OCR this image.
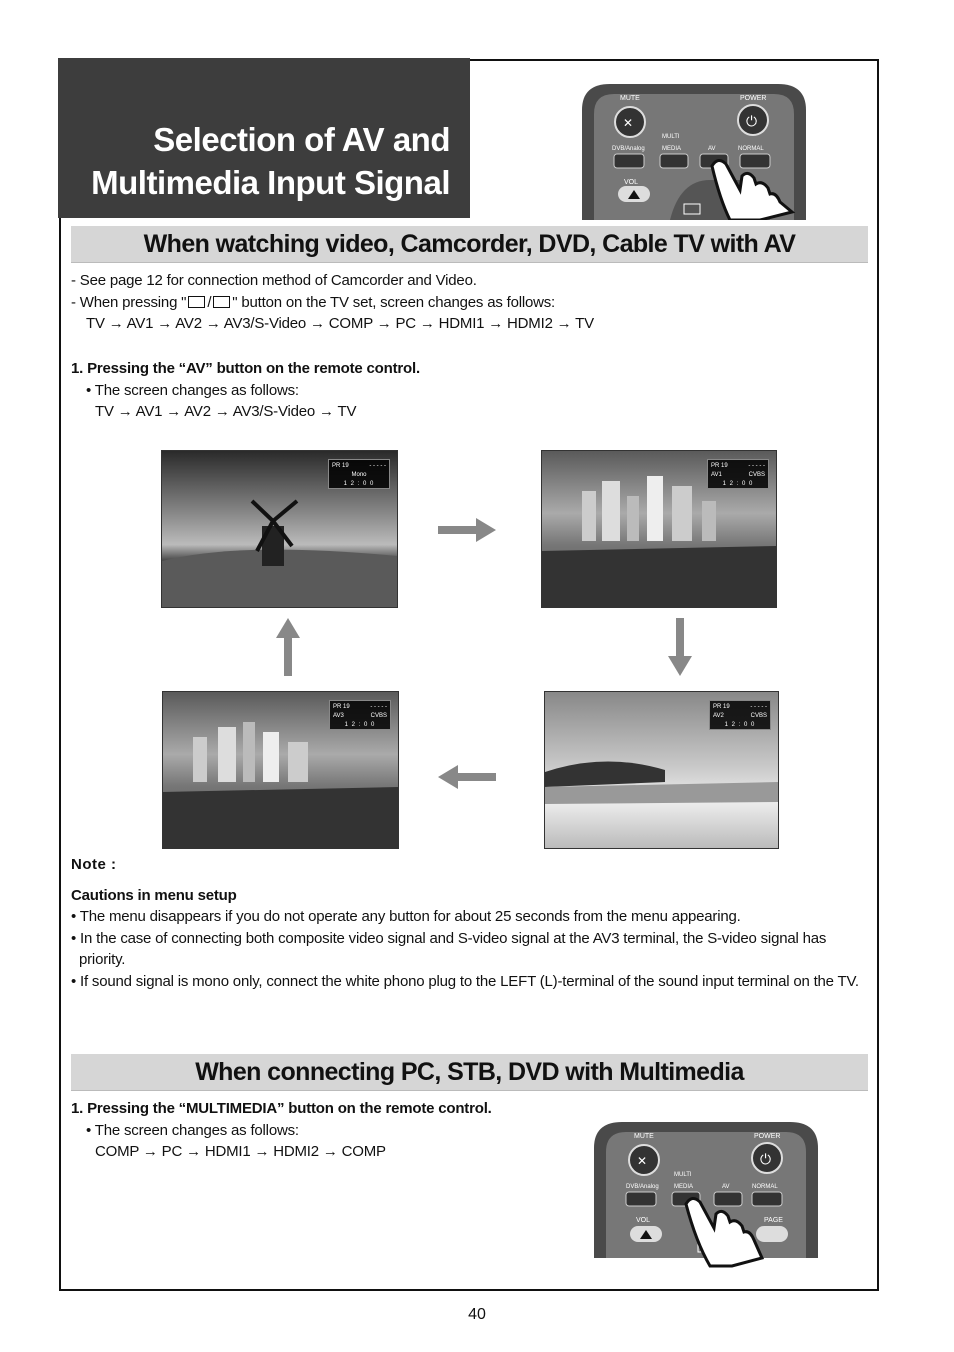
Selection of AV and
Multimedia Input Signal
MUTE	POWER
✕	⏻
MULTI
DVB/Analog	MEDIA	AV	NORMAL
VOL
When watching video, Camcorder, DVD, Cable TV with AV
- See page 12 for connection method of Camcorder and Video.
- When pressing " / " button on the TV set, screen changes as follows:
TV → AV1 → AV2 → AV3/S-Video → COMP → PC → HDMI1 → HDMI2 → TV
1. Pressing the “AV” button on the remote control.
• The screen changes as follows:
TV → AV1 → AV2 → AV3/S-Video → TV
PR 19	- - - - -
Mono
1 2 : 0 0
PR 19	- - - - -
AV1	CVBS
1 2 : 0 0
PR 19	- - - - -
AV3	CVBS
1 2 : 0 0
PR 19	- - - - -
AV2	CVBS
1 2 : 0 0
Note :
Cautions in menu setup
• The menu disappears if you do not operate any button for about 25 seconds from the menu appearing.
• In the case of connecting both composite video signal and S-video signal at the AV3 terminal, the S-video signal has priority.
• If sound signal is mono only, connect the white phono plug to the LEFT (L)-terminal of the sound input terminal on the TV.
When connecting PC, STB, DVD with Multimedia
1. Pressing the “MULTIMEDIA” button on the remote control.
• The screen changes as follows:
COMP → PC → HDMI1 → HDMI2 → COMP
MUTE	POWER
✕	⏻
MULTI
DVB/Analog	MEDIA	AV	NORMAL
VOL	PAGE
40
